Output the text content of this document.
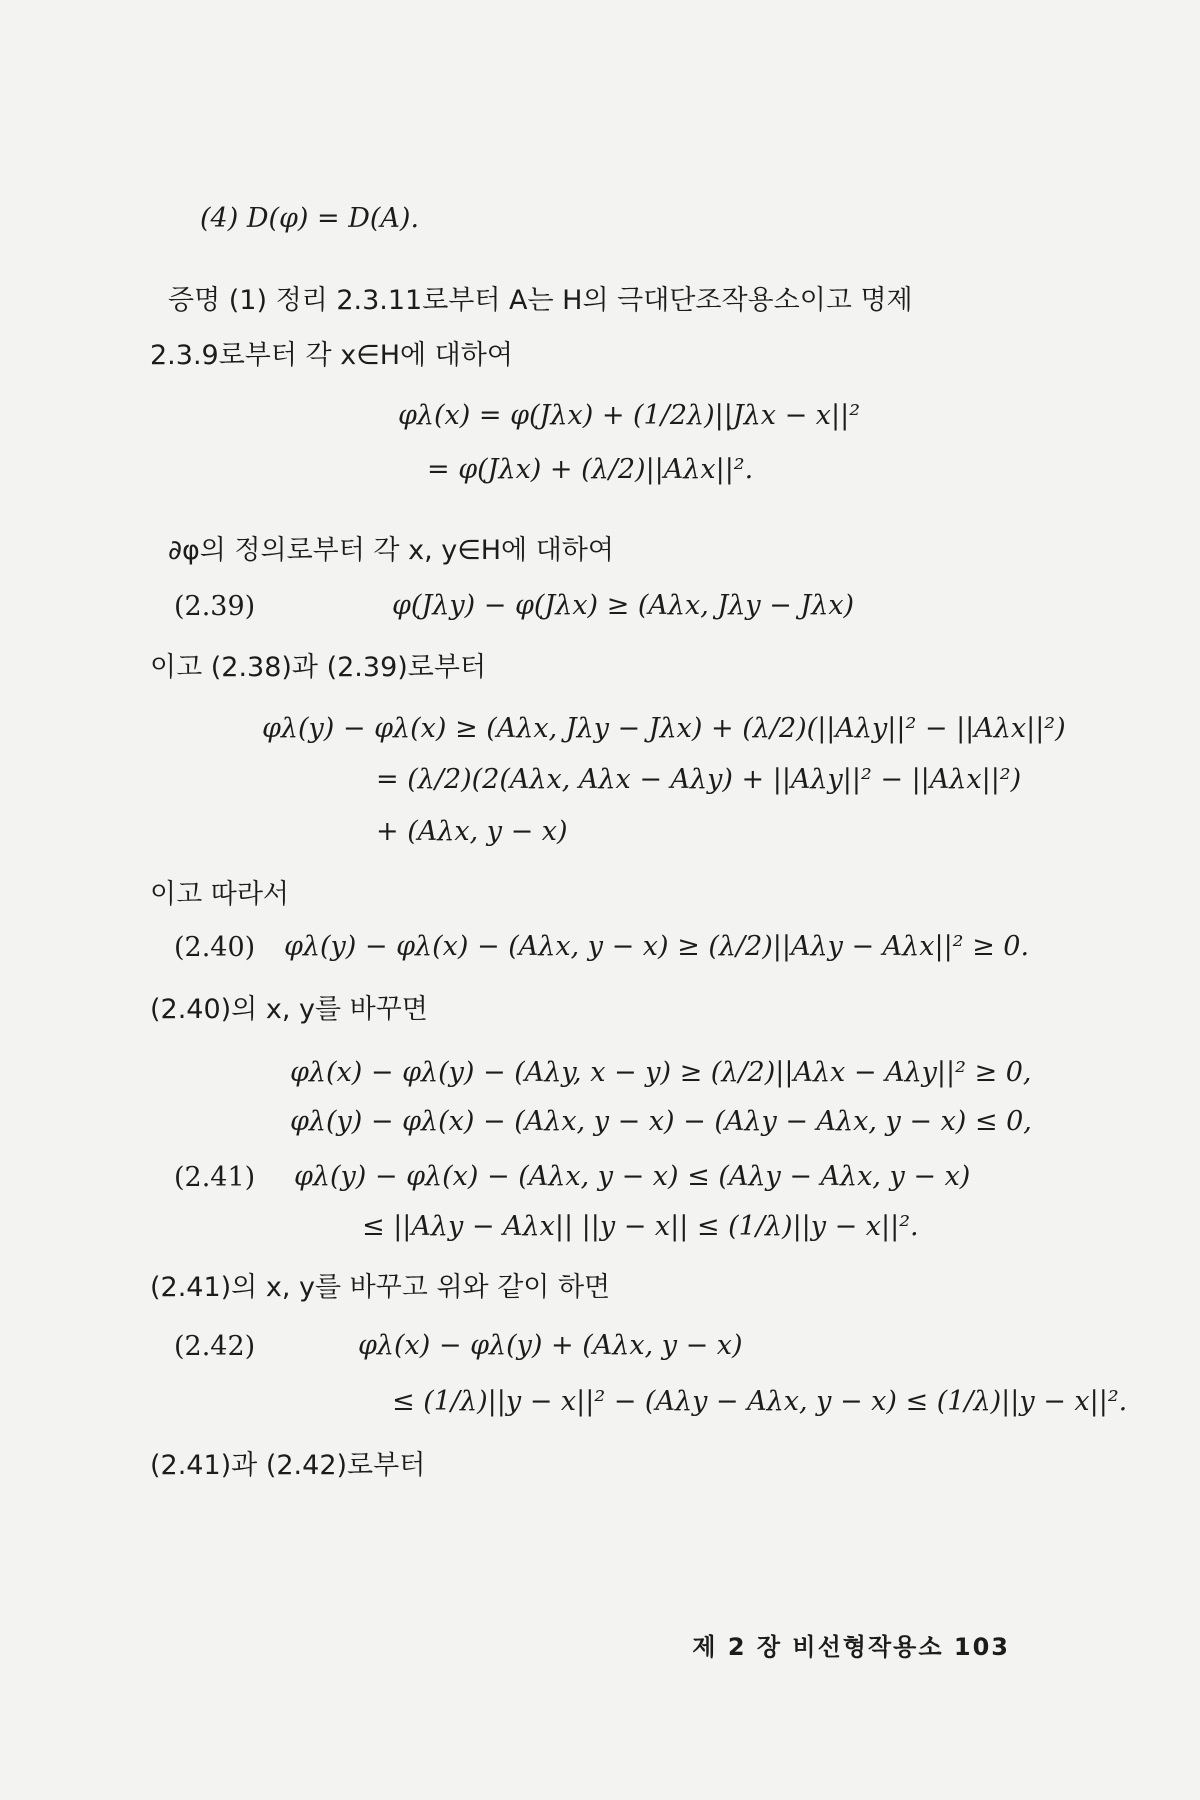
(4) D(φ) = D(A).
증명 (1) 정리 2.3.11로부터 A는 H의 극대단조작용소이고 명제
2.3.9로부터 각 x∈H에 대하여
φλ(x) = φ(Jλx) + (1/2λ)||Jλx − x||²
= φ(Jλx) + (λ/2)||Aλx||².
∂φ의 정의로부터 각 x, y∈H에 대하여
(2.39)	φ(Jλy) − φ(Jλx) ≥ (Aλx, Jλy − Jλx)
이고 (2.38)과 (2.39)로부터
φλ(y) − φλ(x) ≥ (Aλx, Jλy − Jλx) + (λ/2)(||Aλy||² − ||Aλx||²)
= (λ/2)(2(Aλx, Aλx − Aλy) + ||Aλy||² − ||Aλx||²)
+ (Aλx, y − x)
이고 따라서
(2.40) φλ(y) − φλ(x) − (Aλx, y − x) ≥ (λ/2)||Aλy − Aλx||² ≥ 0.
(2.40)의 x, y를 바꾸면
φλ(x) − φλ(y) − (Aλy, x − y) ≥ (λ/2)||Aλx − Aλy||² ≥ 0,
φλ(y) − φλ(x) − (Aλx, y − x) − (Aλy − Aλx, y − x) ≤ 0,
(2.41) φλ(y) − φλ(x) − (Aλx, y − x) ≤ (Aλy − Aλx, y − x)
≤ ||Aλy − Aλx|| ||y − x|| ≤ (1/λ)||y − x||².
(2.41)의 x, y를 바꾸고 위와 같이 하면
(2.42)	φλ(x) − φλ(y) + (Aλx, y − x)
≤ (1/λ)||y − x||² − (Aλy − Aλx, y − x) ≤ (1/λ)||y − x||².
(2.41)과 (2.42)로부터
제 2 장 비선형작용소 103
